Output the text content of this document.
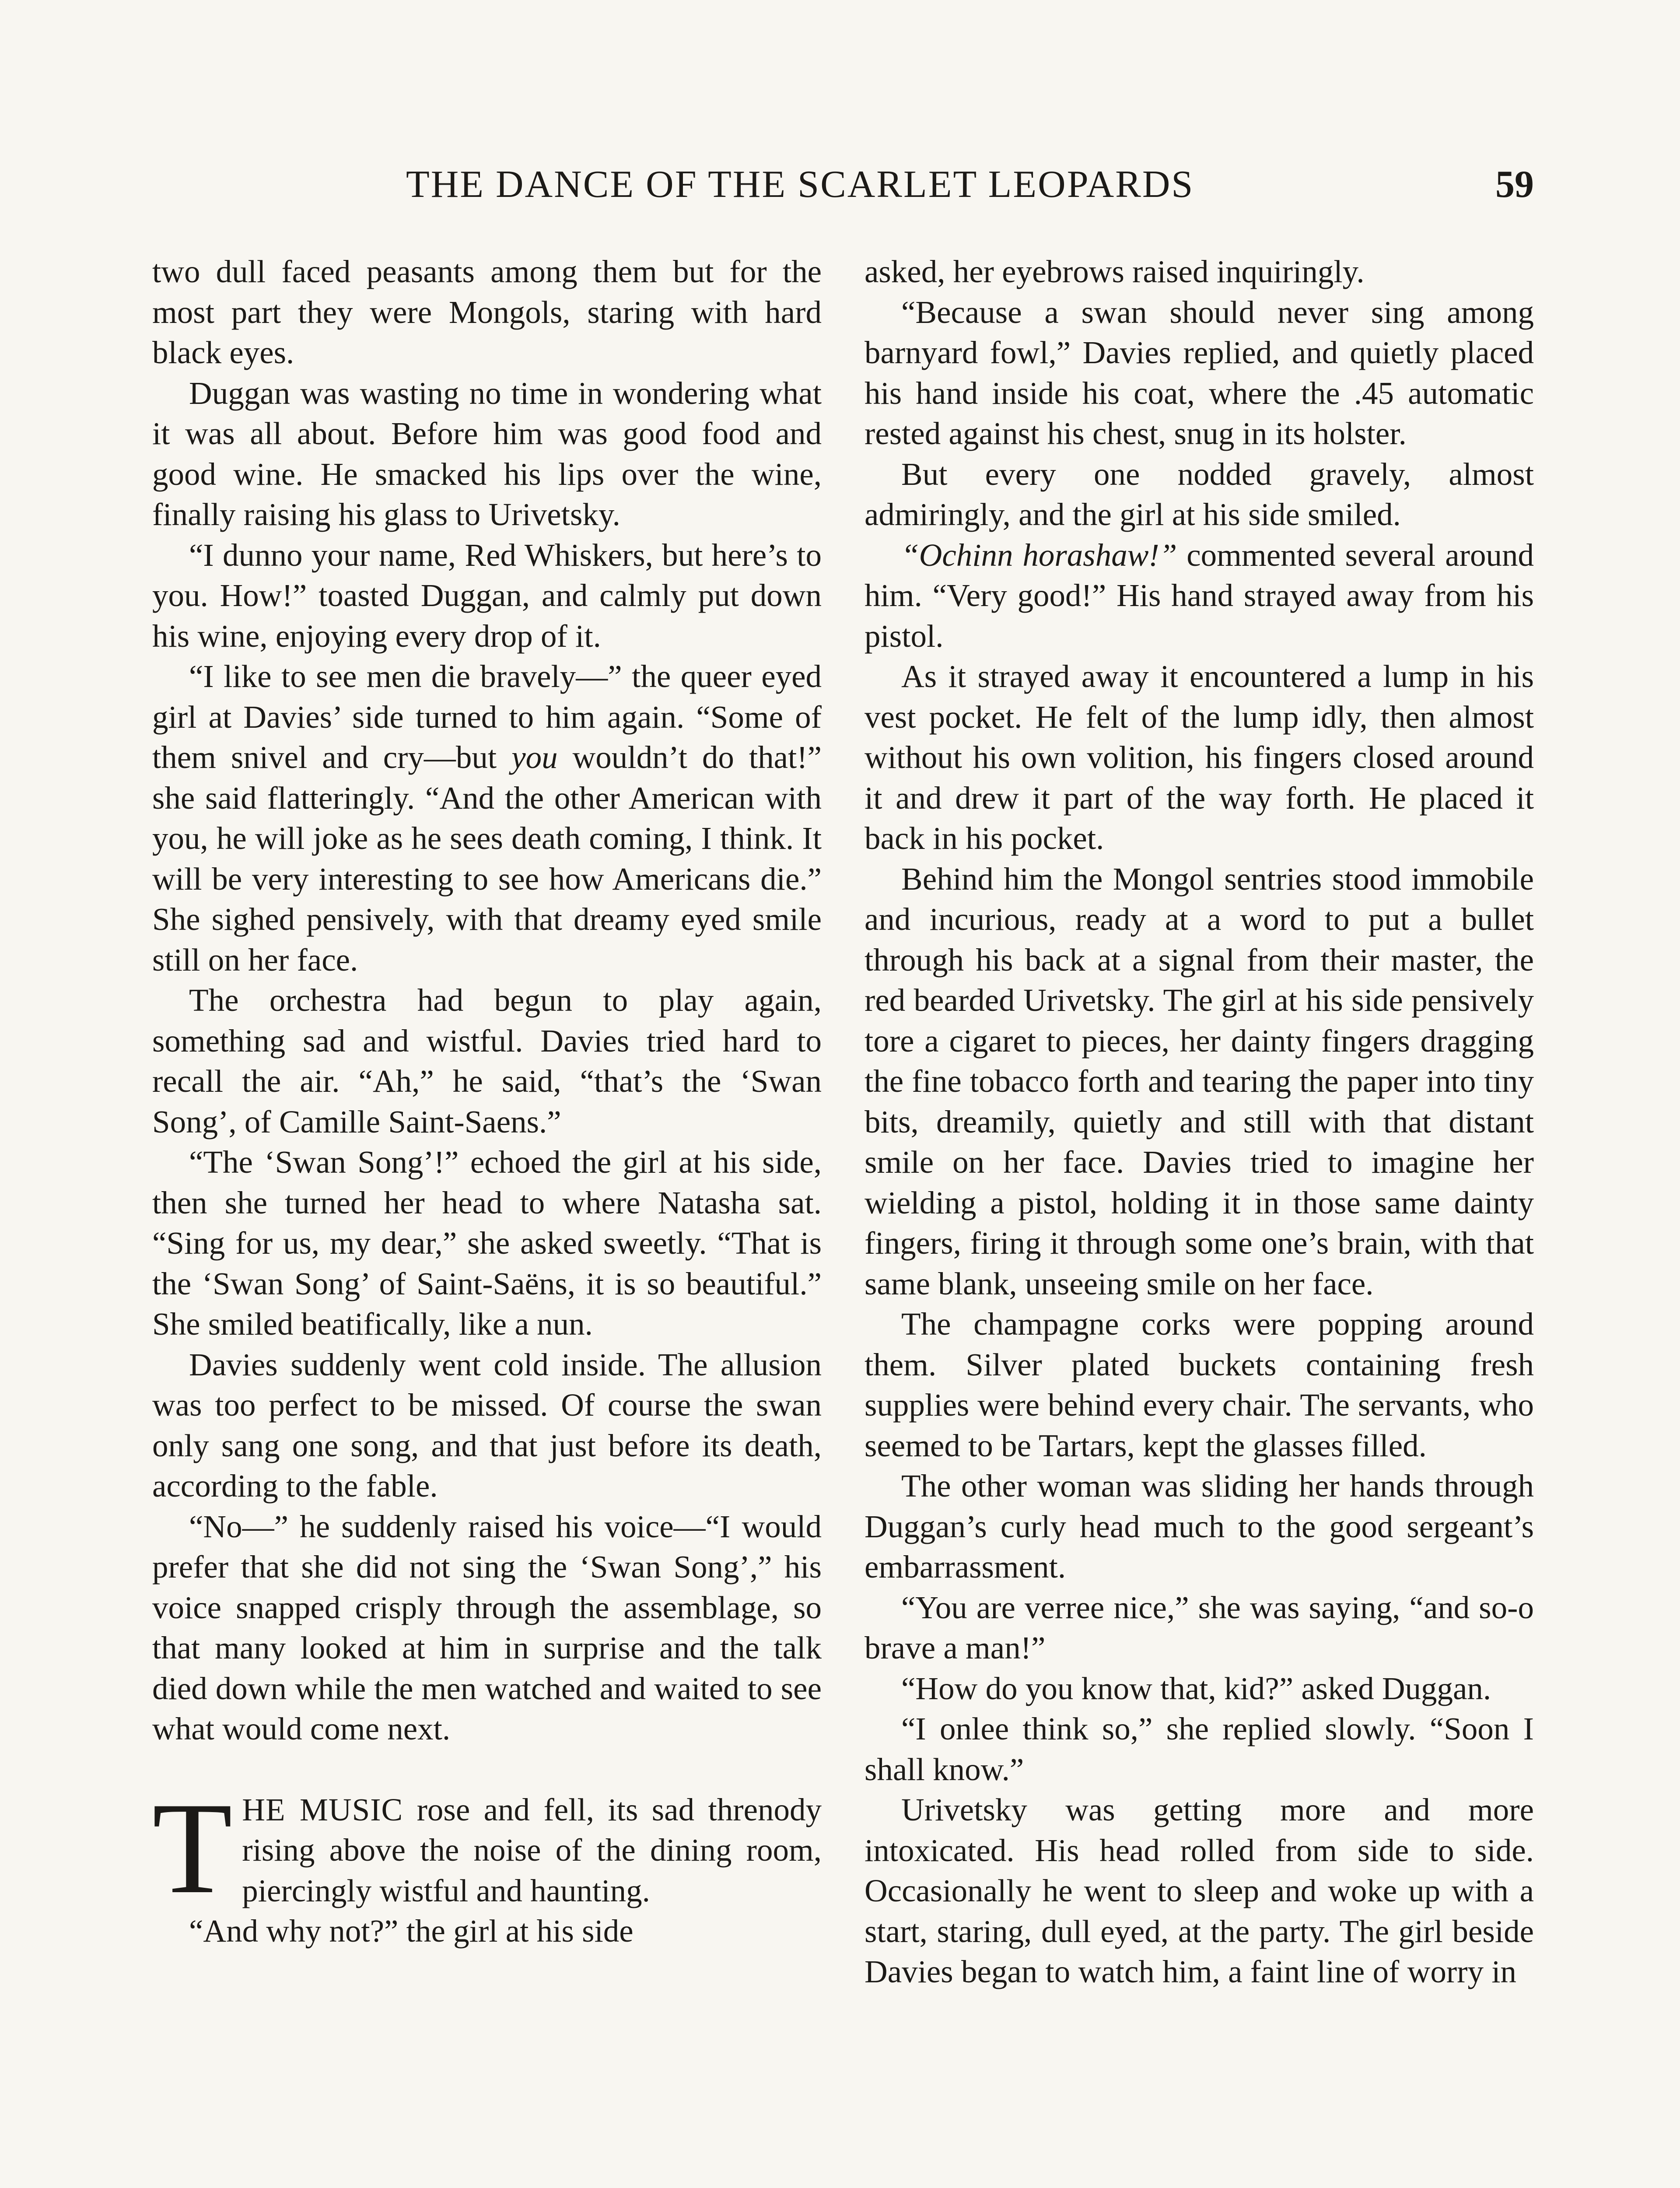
THE DANCE OF THE SCARLET LEOPARDS	59

two dull faced peasants among them but for the most part they were Mongols, staring with hard black eyes.

Duggan was wasting no time in wondering what it was all about. Before him was good food and good wine. He smacked his lips over the wine, finally raising his glass to Urivetsky.

“I dunno your name, Red Whiskers, but here’s to you. How!” toasted Duggan, and calmly put down his wine, enjoying every drop of it.

“I like to see men die bravely—” the queer eyed girl at Davies’ side turned to him again. “Some of them snivel and cry—but you wouldn’t do that!” she said flatteringly. “And the other American with you, he will joke as he sees death coming, I think. It will be very interesting to see how Americans die.” She sighed pensively, with that dreamy eyed smile still on her face.

The orchestra had begun to play again, something sad and wistful. Davies tried hard to recall the air. “Ah,” he said, “that’s the ‘Swan Song’, of Camille Saint-Saens.”

“The ‘Swan Song’!” echoed the girl at his side, then she turned her head to where Natasha sat. “Sing for us, my dear,” she asked sweetly. “That is the ‘Swan Song’ of Saint-Saëns, it is so beautiful.” She smiled beatifically, like a nun.

Davies suddenly went cold inside. The allusion was too perfect to be missed. Of course the swan only sang one song, and that just before its death, according to the fable.

“No—” he suddenly raised his voice—“I would prefer that she did not sing the ‘Swan Song’,” his voice snapped crisply through the assemblage, so that many looked at him in surprise and the talk died down while the men watched and waited to see what would come next.

THE MUSIC rose and fell, its sad threnody rising above the noise of the dining room, piercingly wistful and haunting.

“And why not?” the girl at his side

asked, her eyebrows raised inquiringly.

“Because a swan should never sing among barnyard fowl,” Davies replied, and quietly placed his hand inside his coat, where the .45 automatic rested against his chest, snug in its holster.

But every one nodded gravely, almost admiringly, and the girl at his side smiled.

“Ochinn horashaw!” commented several around him. “Very good!” His hand strayed away from his pistol.

As it strayed away it encountered a lump in his vest pocket. He felt of the lump idly, then almost without his own volition, his fingers closed around it and drew it part of the way forth. He placed it back in his pocket.

Behind him the Mongol sentries stood immobile and incurious, ready at a word to put a bullet through his back at a signal from their master, the red bearded Urivetsky. The girl at his side pensively tore a cigaret to pieces, her dainty fingers dragging the fine tobacco forth and tearing the paper into tiny bits, dreamily, quietly and still with that distant smile on her face. Davies tried to imagine her wielding a pistol, holding it in those same dainty fingers, firing it through some one’s brain, with that same blank, unseeing smile on her face.

The champagne corks were popping around them. Silver plated buckets containing fresh supplies were behind every chair. The servants, who seemed to be Tartars, kept the glasses filled.

The other woman was sliding her hands through Duggan’s curly head much to the good sergeant’s embarrassment.

“You are verree nice,” she was saying, “and so-o brave a man!”

“How do you know that, kid?” asked Duggan.

“I onlee think so,” she replied slowly. “Soon I shall know.”

Urivetsky was getting more and more intoxicated. His head rolled from side to side. Occasionally he went to sleep and woke up with a start, staring, dull eyed, at the party. The girl beside Davies began to watch him, a faint line of worry in
